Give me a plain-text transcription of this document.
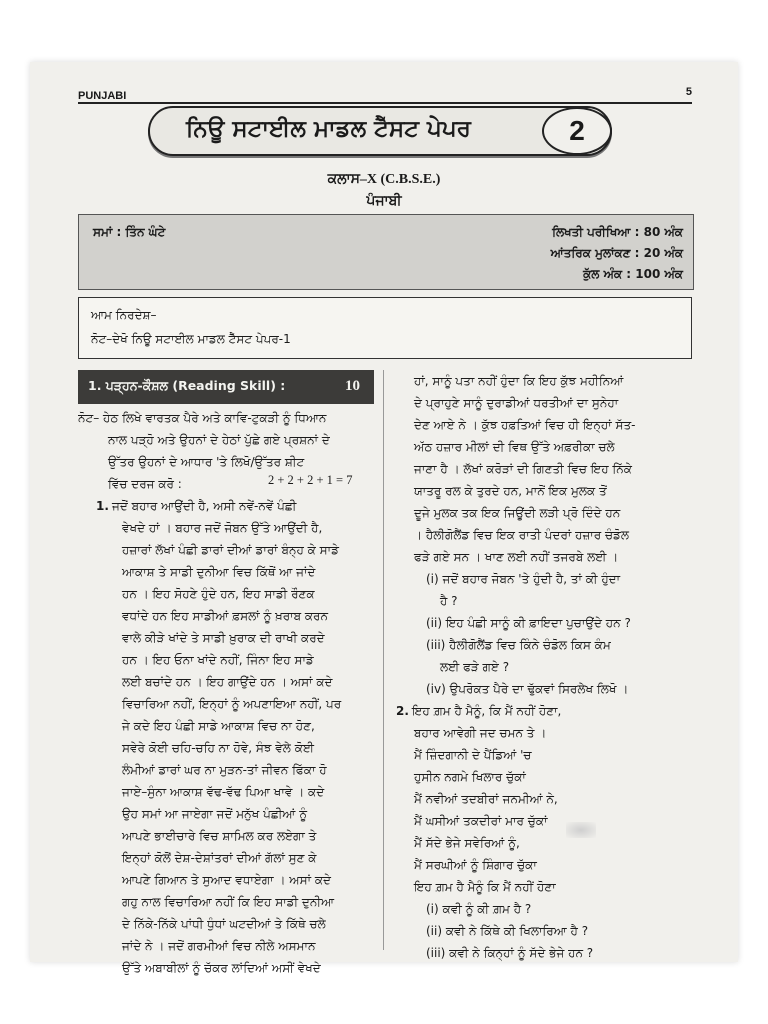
PUNJABI	5
ਨਿਊ ਸਟਾਈਲ ਮਾਡਲ ਟੈੱਸਟ ਪੇਪਰ	2
ਕਲਾਸ–X (C.B.S.E.)
ਪੰਜਾਬੀ
ਸਮਾਂ : ਤਿੰਨ ਘੰਟੇ	ਲਿਖਤੀ ਪਰੀਖਿਆ : 80 ਅੰਕ
ਆਂਤਰਿਕ ਮੁਲਾਂਕਣ : 20 ਅੰਕ
ਕੁੱਲ ਅੰਕ : 100 ਅੰਕ
ਆਮ ਨਿਰਦੇਸ਼–
ਨੋਟ–ਦੇਖੋ ਨਿਊ ਸਟਾਈਲ ਮਾਡਲ ਟੈੱਸਟ ਪੇਪਰ-1
1. ਪੜ੍ਹਨ-ਕੌਸ਼ਲ (Reading Skill) :	10
ਨੋਟ– ਹੇਠ ਲਿਖੇ ਵਾਰਤਕ ਪੈਰੇ ਅਤੇ ਕਾਵਿ-ਟੁਕੜੀ ਨੂੰ ਧਿਆਨ
ਨਾਲ ਪੜ੍ਹੋ ਅਤੇ ਉਹਨਾਂ ਦੇ ਹੇਠਾਂ ਪੁੱਛੇ ਗਏ ਪ੍ਰਸ਼ਨਾਂ ਦੇ
ਉੱਤਰ ਉਹਨਾਂ ਦੇ ਆਧਾਰ 'ਤੇ ਲਿਖੋ/ਉੱਤਰ ਸ਼ੀਟ
ਵਿੱਚ ਦਰਜ ਕਰੋ :
1. ਜਦੋਂ ਬਹਾਰ ਆਉਂਦੀ ਹੈ, ਅਸੀ ਨਵੇਂ-ਨਵੇਂ ਪੰਛੀ
ਵੇਖਦੇ ਹਾਂ । ਬਹਾਰ ਜਦੋਂ ਜੋਬਨ ਉੱਤੇ ਆਉਂਦੀ ਹੈ,
ਹਜ਼ਾਰਾਂ ਲੱਖਾਂ ਪੰਛੀ ਡਾਰਾਂ ਦੀਆਂ ਡਾਰਾਂ ਬੰਨ੍ਹ ਕੇ ਸਾਡੇ
ਆਕਾਸ਼ ਤੇ ਸਾਡੀ ਦੁਨੀਆ ਵਿਚ ਕਿੱਥੋਂ ਆ ਜਾਂਦੇ
ਹਨ । ਇਹ ਸੋਹਣੇ ਹੁੰਦੇ ਹਨ, ਇਹ ਸਾਡੀ ਰੌਣਕ
ਵਧਾਂਦੇ ਹਨ ਇਹ ਸਾਡੀਆਂ ਫ਼ਸਲਾਂ ਨੂੰ ਖ਼ਰਾਬ ਕਰਨ
ਵਾਲੇ ਕੀੜੇ ਖਾਂਦੇ ਤੇ ਸਾਡੀ ਖ਼ੁਰਾਕ ਦੀ ਰਾਖੀ ਕਰਦੇ
ਹਨ । ਇਹ ਓਨਾ ਖਾਂਦੇ ਨਹੀਂ, ਜਿੰਨਾ ਇਹ ਸਾਡੇ
ਲਈ ਬਚਾਂਦੇ ਹਨ । ਇਹ ਗਾਉਂਦੇ ਹਨ । ਅਸਾਂ ਕਦੇ
ਵਿਚਾਰਿਆ ਨਹੀਂ, ਇਨ੍ਹਾਂ ਨੂੰ ਅਪਣਾਇਆ ਨਹੀਂ, ਪਰ
ਜੇ ਕਦੇ ਇਹ ਪੰਛੀ ਸਾਡੇ ਆਕਾਸ਼ ਵਿਚ ਨਾ ਹੋਣ,
ਸਵੇਰੇ ਕੋਈ ਚਹਿ-ਚਹਿ ਨਾ ਹੋਵੇ, ਸੰਝ ਵੇਲੇ ਕੋਈ
ਲੰਮੀਆਂ ਡਾਰਾਂ ਘਰ ਨਾ ਮੁੜਨ-ਤਾਂ ਜੀਵਨ ਫਿੱਕਾ ਹੋ
ਜਾਏ–ਸੁੰਨਾ ਆਕਾਸ਼ ਵੱਢ-ਵੱਢ ਪਿਆ ਖਾਵੇ । ਕਦੇ
ਉਹ ਸਮਾਂ ਆ ਜਾਏਗਾ ਜਦੋਂ ਮਨੁੱਖ ਪੰਛੀਆਂ ਨੂੰ
ਆਪਣੇ ਭਾਈਚਾਰੇ ਵਿਚ ਸ਼ਾਮਿਲ ਕਰ ਲਏਗਾ ਤੇ
ਇਨ੍ਹਾਂ ਕੋਲੋਂ ਦੇਸ਼-ਦੇਸ਼ਾਂਤਰਾਂ ਦੀਆਂ ਗੱਲਾਂ ਸੁਣ ਕੇ
ਆਪਣੇ ਗਿਆਨ ਤੇ ਸੁਆਦ ਵਧਾਏਗਾ । ਅਸਾਂ ਕਦੇ
ਗਹੁ ਨਾਲ ਵਿਚਾਰਿਆ ਨਹੀਂ ਕਿ ਇਹ ਸਾਡੀ ਦੁਨੀਆ
ਦੇ ਨਿੱਕੇ-ਨਿੱਕੇ ਪਾਂਧੀ ਧੁੰਧਾਂ ਘਟਦੀਆਂ ਤੇ ਕਿੱਥੇ ਚਲੇ
ਜਾਂਦੇ ਨੇ । ਜਦੋਂ ਗਰਮੀਆਂ ਵਿਚ ਨੀਲੇ ਅਸਮਾਨ
ਉੱਤੇ ਅਬਾਬੀਲਾਂ ਨੂੰ ਚੱਕਰ ਲਾਂਦਿਆਂ ਅਸੀਂ ਵੇਖਦੇ
2 + 2 + 2 + 1 = 7
ਹਾਂ, ਸਾਨੂੰ ਪਤਾ ਨਹੀਂ ਹੁੰਦਾ ਕਿ ਇਹ ਕੁੱਝ ਮਹੀਨਿਆਂ
ਦੇ ਪ੍ਰਾਹੁਣੇ ਸਾਨੂੰ ਦੁਰਾਡੀਆਂ ਧਰਤੀਆਂ ਦਾ ਸੁਨੇਹਾ
ਦੇਣ ਆਏ ਨੇ । ਕੁੱਝ ਹਫ਼ਤਿਆਂ ਵਿਚ ਹੀ ਇਨ੍ਹਾਂ ਸੱਤ-
ਅੱਠ ਹਜ਼ਾਰ ਮੀਲਾਂ ਦੀ ਵਿਥ ਉੱਤੇ ਅਫ਼ਰੀਕਾ ਚਲੇ
ਜਾਣਾ ਹੈ । ਲੱਖਾਂ ਕਰੋੜਾਂ ਦੀ ਗਿਣਤੀ ਵਿਚ ਇਹ ਨਿੱਕੇ
ਯਾਤਰੂ ਰਲ ਕੇ ਤੁਰਦੇ ਹਨ, ਮਾਨੋਂ ਇਕ ਮੁਲਕ ਤੋਂ
ਦੂਜੇ ਮੁਲਕ ਤਕ ਇਕ ਜਿਊਂਦੀ ਲੜੀ ਪ੍ਰੋ ਦਿੰਦੇ ਹਨ
। ਹੈਲੀਗੋਲੈਂਡ ਵਿਚ ਇਕ ਰਾਤੀ ਪੰਦਰਾਂ ਹਜ਼ਾਰ ਚੰਡੋਲ
ਫੜੇ ਗਏ ਸਨ । ਖਾਣ ਲਈ ਨਹੀਂ ਤਜਰਬੇ ਲਈ ।
(i) ਜਦੋਂ ਬਹਾਰ ਜੋਬਨ 'ਤੇ ਹੁੰਦੀ ਹੈ, ਤਾਂ ਕੀ ਹੁੰਦਾ
ਹੈ ?
(ii) ਇਹ ਪੰਛੀ ਸਾਨੂੰ ਕੀ ਫ਼ਾਇਦਾ ਪੁਚਾਉਂਦੇ ਹਨ ?
(iii) ਹੈਲੀਗੋਲੈਂਡ ਵਿਚ ਕਿੰਨੇ ਚੰਡੋਲ ਕਿਸ ਕੰਮ
ਲਈ ਫੜੇ ਗਏ ?
(iv) ਉਪਰੋਕਤ ਪੈਰੇ ਦਾ ਢੁੱਕਵਾਂ ਸਿਰਲੇਖ ਲਿਖੋ ।
2. ਇਹ ਗ਼ਮ ਹੈ ਮੈਨੂੰ, ਕਿ ਮੈਂ ਨਹੀਂ ਹੋਣਾ,
ਬਹਾਰ ਆਵੇਗੀ ਜਦ ਚਮਨ ਤੇ ।
ਮੈਂ ਜ਼ਿੰਦਗਾਨੀ ਦੇ ਪੈਂਡਿਆਂ 'ਚ
ਹੁਸੀਨ ਨਗਮੇ ਖਿਲਾਰ ਚੁੱਕਾਂ
ਮੈਂ ਨਵੀਆਂ ਤਦਬੀਰਾਂ ਜਨਮੀਆਂ ਨੇ,
ਮੈਂ ਘਸੀਆਂ ਤਕਦੀਰਾਂ ਮਾਰ ਚੁੱਕਾਂ
ਮੈਂ ਸੱਦੇ ਭੇਜੇ ਸਵੇਰਿਆਂ ਨੂੰ,
ਮੈਂ ਸਰਘੀਆਂ ਨੂੰ ਸ਼ਿੰਗਾਰ ਚੁੱਕਾ
ਇਹ ਗ਼ਮ ਹੈ ਮੈਨੂੰ ਕਿ ਮੈਂ ਨਹੀਂ ਹੋਣਾ
(i) ਕਵੀ ਨੂੰ ਕੀ ਗ਼ਮ ਹੈ ?
(ii) ਕਵੀ ਨੇ ਕਿੱਥੇ ਕੀ ਖਿਲਾਰਿਆ ਹੈ ?
(iii) ਕਵੀ ਨੇ ਕਿਨ੍ਹਾਂ ਨੂੰ ਸੱਦੇ ਭੇਜੇ ਹਨ ?
